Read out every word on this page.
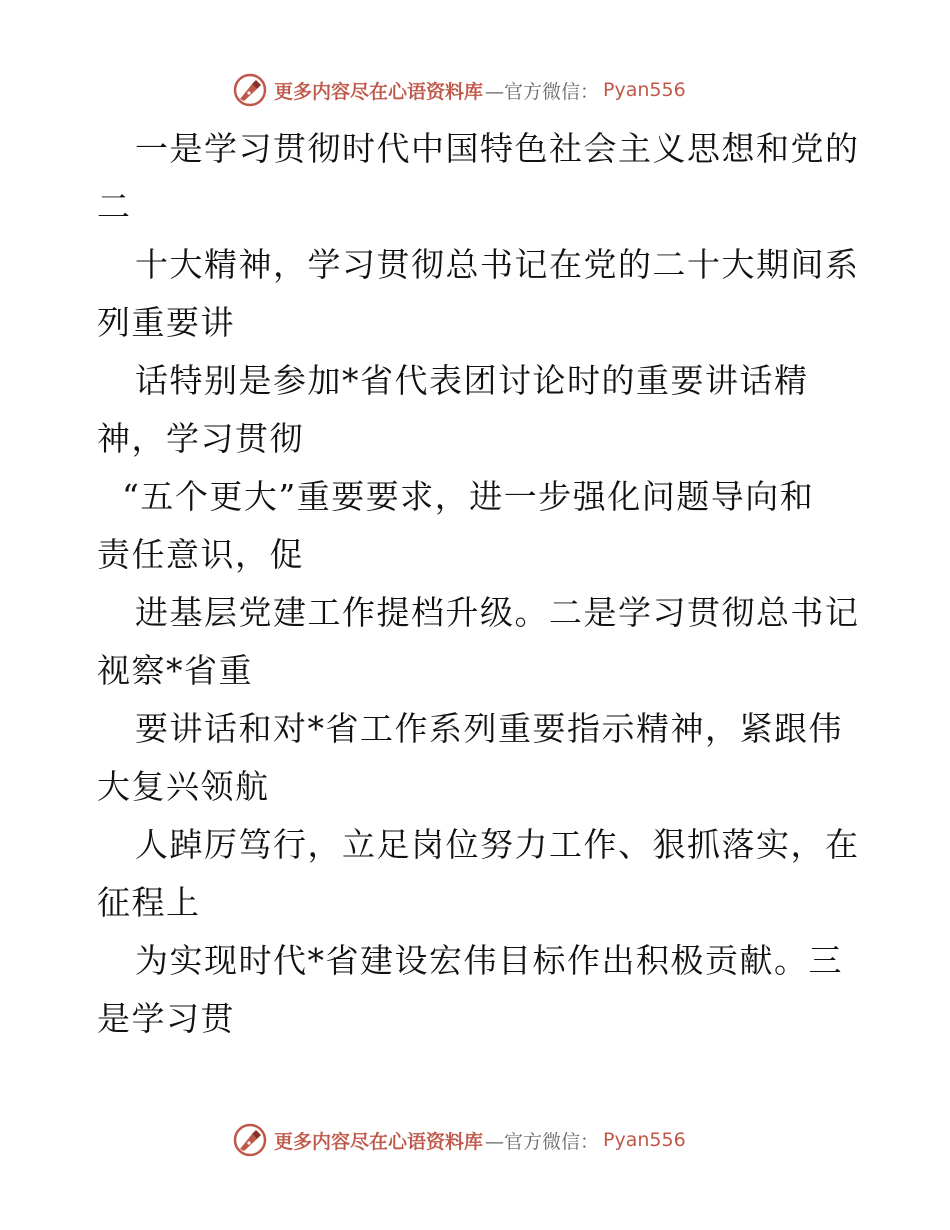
更多内容尽在心语资料库 —官方微信： Pyan556
一是学习贯彻时代中国特色社会主义思想和党的
二
十大精神，学习贯彻总书记在党的二十大期间系
列重要讲
话特别是参加*省代表团讨论时的重要讲话精
神，学习贯彻
“五个更大”重要要求，进一步强化问题导向和
责任意识，促
进基层党建工作提档升级。二是学习贯彻总书记
视察*省重
要讲话和对*省工作系列重要指示精神，紧跟伟
大复兴领航
人踔厉笃行，立足岗位努力工作、狠抓落实，在
征程上
为实现时代*省建设宏伟目标作出积极贡献。三
是学习贯
更多内容尽在心语资料库 —官方微信： Pyan556
